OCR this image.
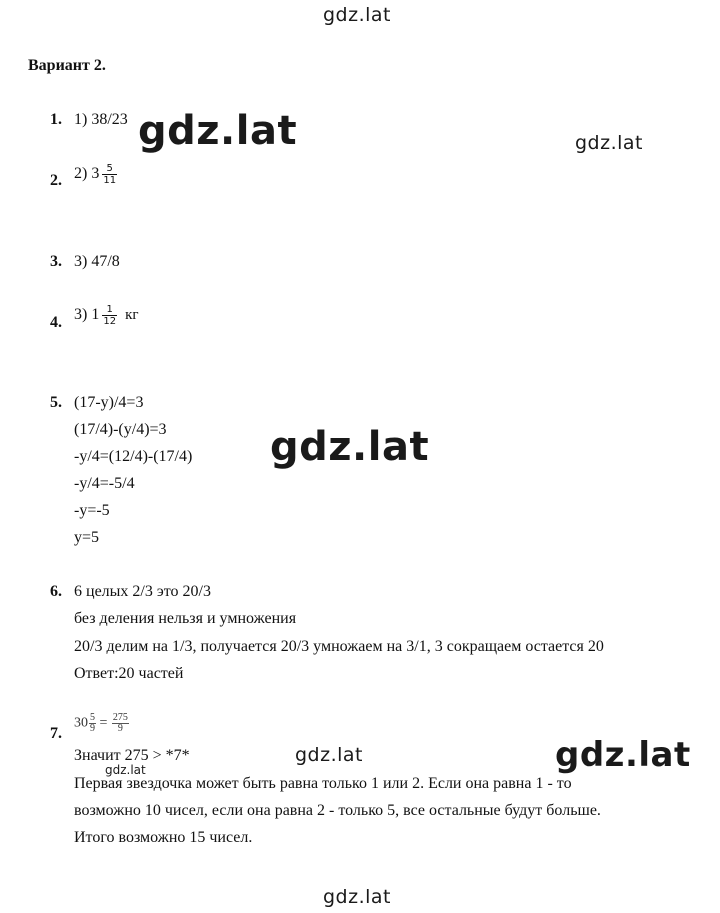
gdz.lat
gdz.lat	gdz.lat
gdz.lat
gdz.lat	gdz.lat
gdz.lat
gdz.lat
Вариант 2.
1. 1) 38/23
2. 2) $3 \frac{5}{11}$
3. 3) 47/8
4. 3) $1 \frac{1}{12}$ кг
5. (17-y)/4=3
(17/4)-(y/4)=3
-y/4=(12/4)-(17/4)
-y/4=-5/4
-y=-5
y=5
6. 6 целых 2/3 это 20/3
без деления нельзя и умножения
20/3 делим на 1/3, получается 20/3 умножаем на 3/1, 3 сокращаем остается 20
Ответ:20 частей
7.
$30 \frac{5}{9} = \frac{275}{9}$
Значит 275 > *7*
Первая звездочка может быть равна только 1 или 2. Если она равна 1 - то
возможно 10 чисел, если она равна 2 - только 5, все остальные будут больше.
Итого возможно 15 чисел.
